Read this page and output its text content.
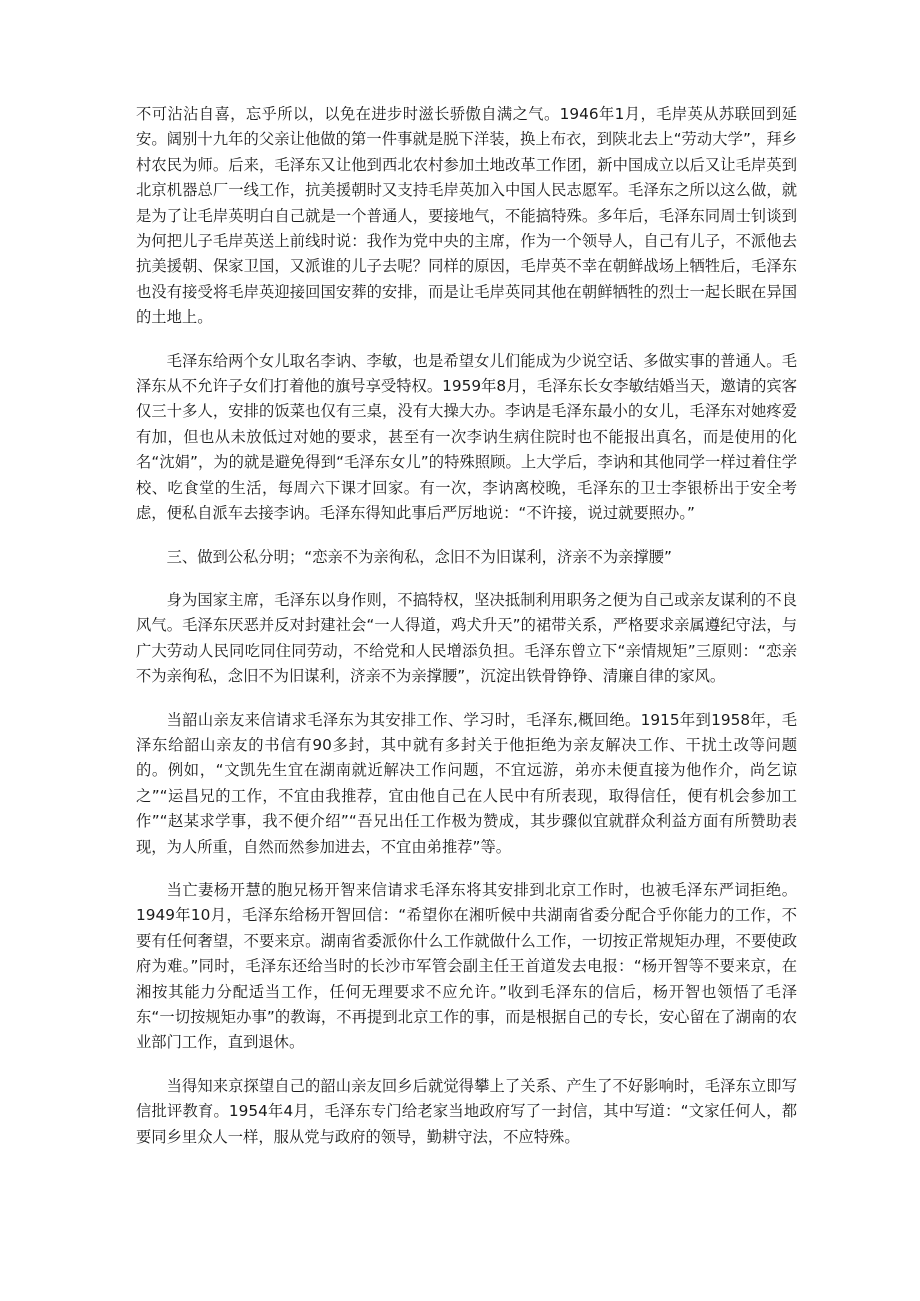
不可沾沾自喜，忘乎所以，以免在进步时滋长骄傲自满之气。1946年1月，毛岸英从苏联回到延安。阔别十九年的父亲让他做的第一件事就是脱下洋装，换上布衣，到陕北去上“劳动大学”，拜乡村农民为师。后来，毛泽东又让他到西北农村参加土地改革工作团，新中国成立以后又让毛岸英到北京机器总厂一线工作，抗美援朝时又支持毛岸英加入中国人民志愿军。毛泽东之所以这么做，就是为了让毛岸英明白自己就是一个普通人，要接地气，不能搞特殊。多年后，毛泽东同周士钊谈到为何把儿子毛岸英送上前线时说：我作为党中央的主席，作为一个领导人，自己有儿子，不派他去抗美援朝、保家卫国，又派谁的儿子去呢？同样的原因，毛岸英不幸在朝鲜战场上牺牲后，毛泽东也没有接受将毛岸英迎接回国安葬的安排，而是让毛岸英同其他在朝鲜牺牲的烈士一起长眠在异国的土地上。

毛泽东给两个女儿取名李讷、李敏，也是希望女儿们能成为少说空话、多做实事的普通人。毛泽东从不允许子女们打着他的旗号享受特权。1959年8月，毛泽东长女李敏结婚当天，邀请的宾客仅三十多人，安排的饭菜也仅有三桌，没有大操大办。李讷是毛泽东最小的女儿，毛泽东对她疼爱有加，但也从未放低过对她的要求，甚至有一次李讷生病住院时也不能报出真名，而是使用的化名“沈娟”，为的就是避免得到“毛泽东女儿”的特殊照顾。上大学后，李讷和其他同学一样过着住学校、吃食堂的生活，每周六下课才回家。有一次，李讷离校晚，毛泽东的卫士李银桥出于安全考虑，便私自派车去接李讷。毛泽东得知此事后严厉地说：“不许接，说过就要照办。”

三、做到公私分明；“恋亲不为亲徇私，念旧不为旧谋利，济亲不为亲撑腰”

身为国家主席，毛泽东以身作则，不搞特权，坚决抵制利用职务之便为自己或亲友谋利的不良风气。毛泽东厌恶并反对封建社会“一人得道，鸡犬升天”的裙带关系，严格要求亲属遵纪守法，与广大劳动人民同吃同住同劳动，不给党和人民增添负担。毛泽东曾立下“亲情规矩”三原则：“恋亲不为亲徇私，念旧不为旧谋利，济亲不为亲撑腰”，沉淀出铁骨铮铮、清廉自律的家风。

当韶山亲友来信请求毛泽东为其安排工作、学习时，毛泽东,概回绝。1915年到1958年，毛泽东给韶山亲友的书信有90多封，其中就有多封关于他拒绝为亲友解决工作、干扰土改等问题的。例如，“文凯先生宜在湖南就近解决工作问题，不宜远游，弟亦未便直接为他作介，尚乞谅之”“运昌兄的工作，不宜由我推荐，宜由他自己在人民中有所表现，取得信任，便有机会参加工作”“赵某求学事，我不便介绍”“吾兄出任工作极为赞成，其步骤似宜就群众利益方面有所赞助表现，为人所重，自然而然参加进去，不宜由弟推荐”等。

当亡妻杨开慧的胞兄杨开智来信请求毛泽东将其安排到北京工作时，也被毛泽东严词拒绝。1949年10月，毛泽东给杨开智回信：“希望你在湘听候中共湖南省委分配合乎你能力的工作，不要有任何奢望，不要来京。湖南省委派你什么工作就做什么工作，一切按正常规矩办理，不要使政府为难。”同时，毛泽东还给当时的长沙市军管会副主任王首道发去电报：“杨开智等不要来京，在湘按其能力分配适当工作，任何无理要求不应允许。”收到毛泽东的信后，杨开智也领悟了毛泽东“一切按规矩办事”的教诲，不再提到北京工作的事，而是根据自己的专长，安心留在了湖南的农业部门工作，直到退休。

当得知来京探望自己的韶山亲友回乡后就觉得攀上了关系、产生了不好影响时，毛泽东立即写信批评教育。1954年4月，毛泽东专门给老家当地政府写了一封信，其中写道：“文家任何人，都要同乡里众人一样，服从党与政府的领导，勤耕守法，不应特殊。
